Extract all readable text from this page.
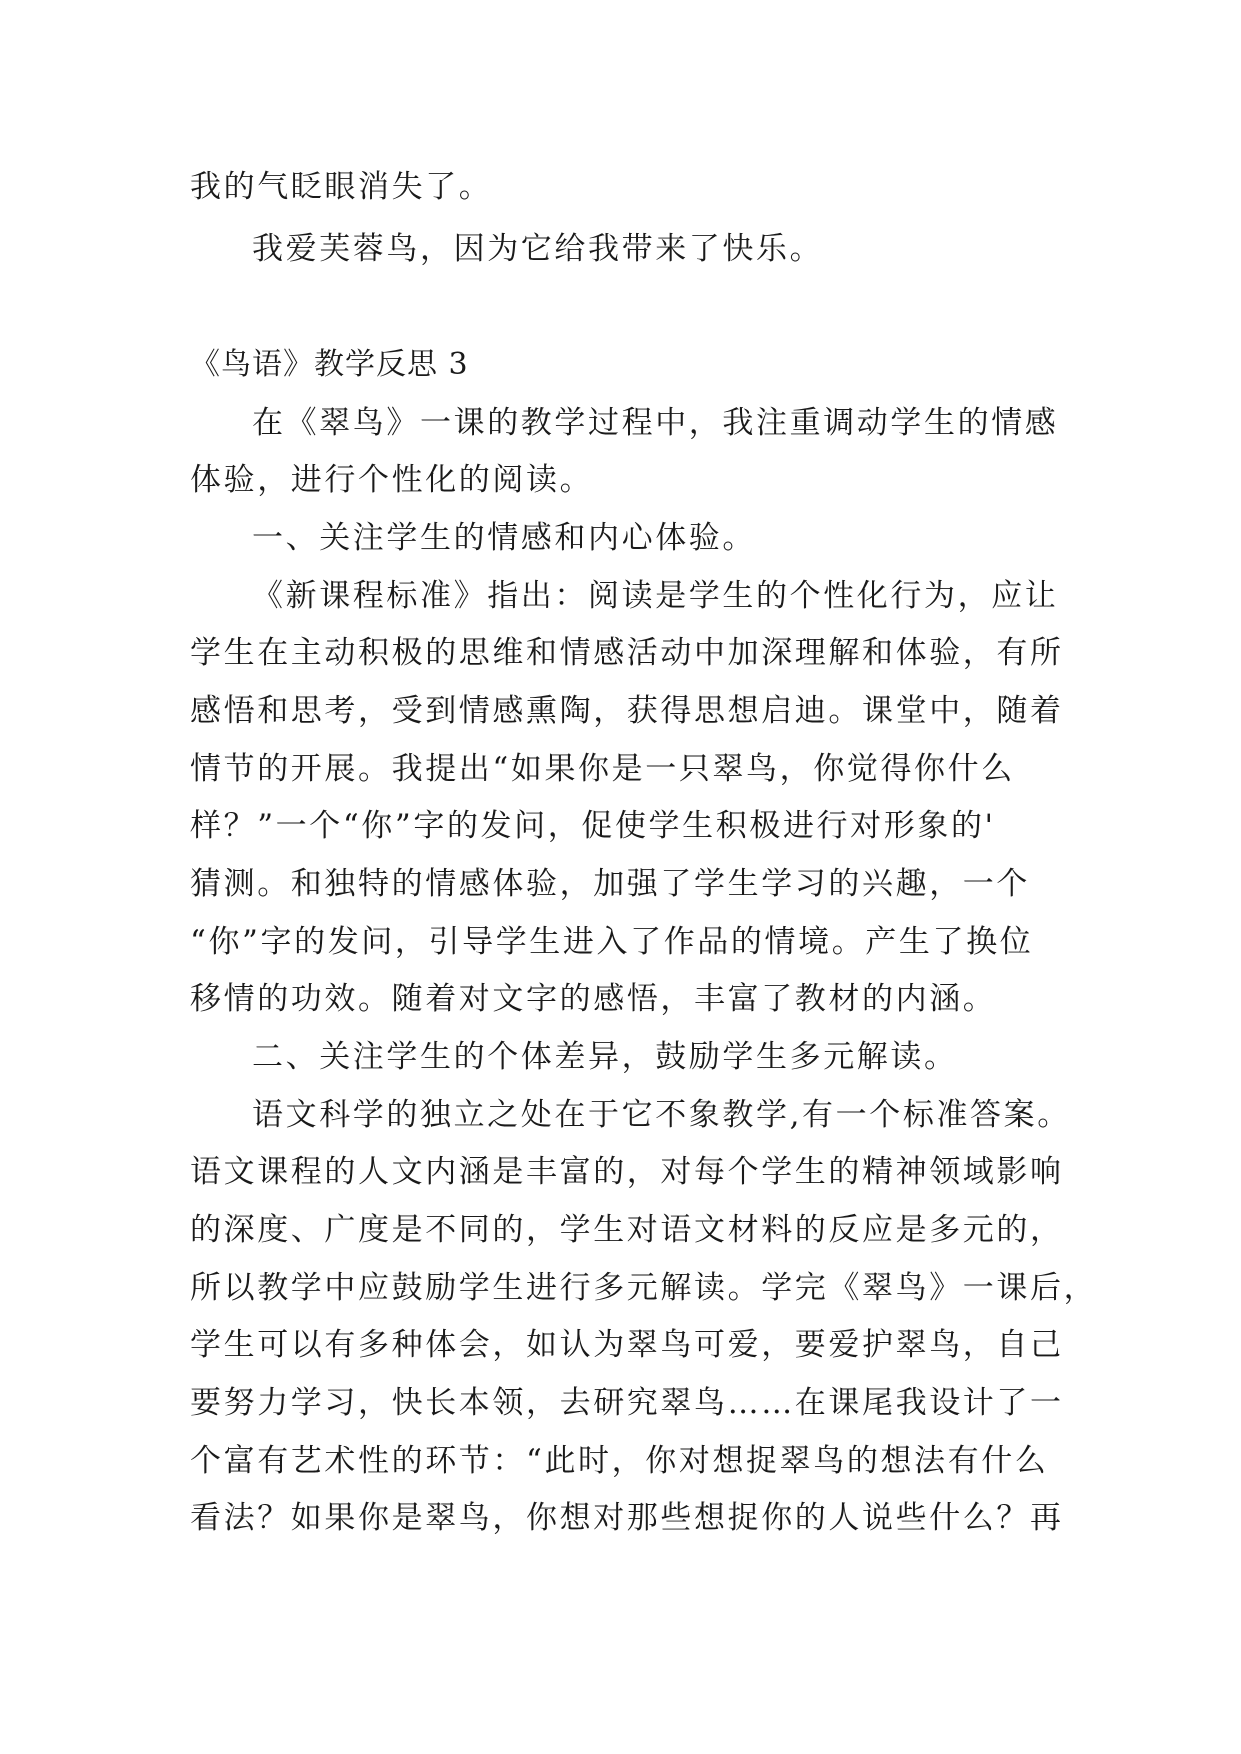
我的气眨眼消失了。
我爱芙蓉鸟，因为它给我带来了快乐。
《鸟语》教学反思 3
在《翠鸟》一课的教学过程中，我注重调动学生的情感
体验，进行个性化的阅读。
一、关注学生的情感和内心体验。
《新课程标准》指出：阅读是学生的个性化行为，应让
学生在主动积极的思维和情感活动中加深理解和体验，有所
感悟和思考，受到情感熏陶，获得思想启迪。课堂中，随着
情节的开展。我提出“如果你是一只翠鸟，你觉得你什么
样？”一个“你”字的发问，促使学生积极进行对形象的'
猜测。和独特的情感体验，加强了学生学习的兴趣，一个
“你”字的发问，引导学生进入了作品的情境。产生了换位
移情的功效。随着对文字的感悟，丰富了教材的内涵。
二、关注学生的个体差异，鼓励学生多元解读。
语文科学的独立之处在于它不象教学,有一个标准答案。
语文课程的人文内涵是丰富的，对每个学生的精神领域影响
的深度、广度是不同的，学生对语文材料的反应是多元的，
所以教学中应鼓励学生进行多元解读。学完《翠鸟》一课后，
学生可以有多种体会，如认为翠鸟可爱，要爱护翠鸟，自己
要努力学习，快长本领，去研究翠鸟……在课尾我设计了一
个富有艺术性的环节：“此时，你对想捉翠鸟的想法有什么
看法？如果你是翠鸟，你想对那些想捉你的人说些什么？再
